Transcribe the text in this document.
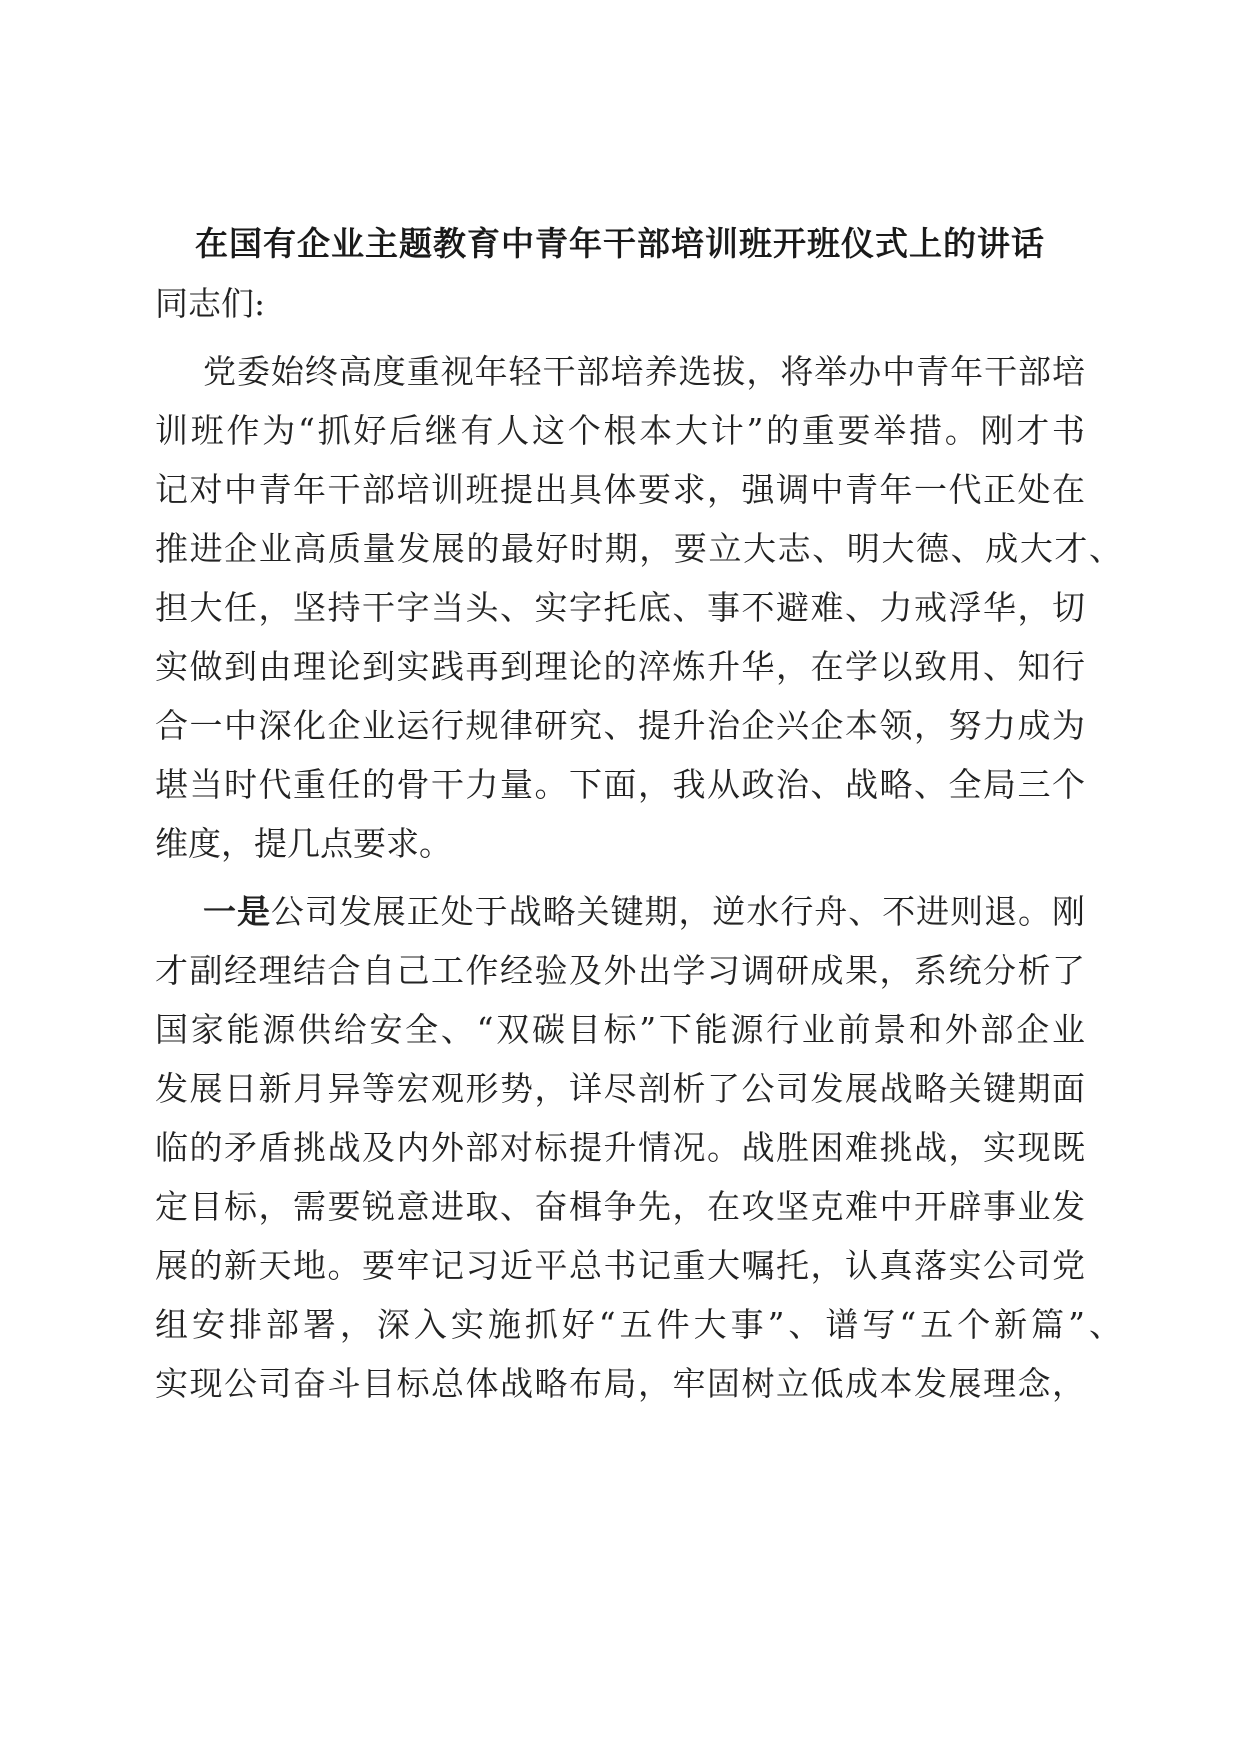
在国有企业主题教育中青年干部培训班开班仪式上的讲话
同志们:
党委始终高度重视年轻干部培养选拔，将举办中青年干部培
训班作为“抓好后继有人这个根本大计”的重要举措。刚才书
记对中青年干部培训班提出具体要求，强调中青年一代正处在
推进企业高质量发展的最好时期，要立大志、明大德、成大才、
担大任，坚持干字当头、实字托底、事不避难、力戒浮华，切
实做到由理论到实践再到理论的淬炼升华，在学以致用、知行
合一中深化企业运行规律研究、提升治企兴企本领，努力成为
堪当时代重任的骨干力量。下面，我从政治、战略、全局三个
维度，提几点要求。
一是公司发展正处于战略关键期，逆水行舟、不进则退。刚
才副经理结合自己工作经验及外出学习调研成果，系统分析了
国家能源供给安全、“双碳目标”下能源行业前景和外部企业
发展日新月异等宏观形势，详尽剖析了公司发展战略关键期面
临的矛盾挑战及内外部对标提升情况。战胜困难挑战，实现既
定目标，需要锐意进取、奋楫争先，在攻坚克难中开辟事业发
展的新天地。要牢记习近平总书记重大嘱托，认真落实公司党
组安排部署，深入实施抓好“五件大事”、谱写“五个新篇”、
实现公司奋斗目标总体战略布局，牢固树立低成本发展理念，
